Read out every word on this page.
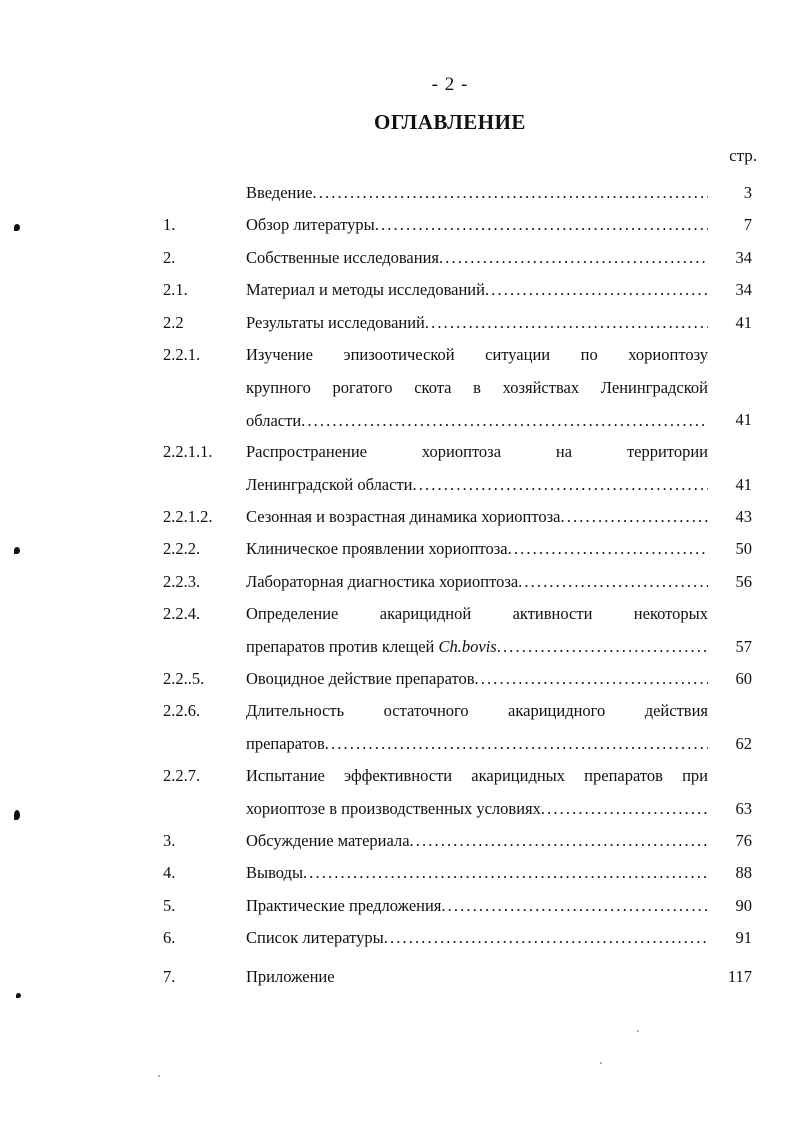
- 2 -
ОГЛАВЛЕНИЕ
стр.
Введение . . .	3
1.	Обзор литературы . . .	7
2.	Собственные исследования . . .	34
2.1.	Материал и методы исследований . . .	34
2.2	Результаты исследований . . .	41
2.2.1.	Изучение эпизоотической ситуации по хориоптозу
крупного рогатого скота в хозяйствах Ленинградской
области . . .	41
2.2.1.1. Распространение хориоптоза на территории
Ленинградской области . . .	41
2.2.1.2. Сезонная и возрастная динамика хориоптоза . . .	43
2.2.2.	Клиническое проявлении хориоптоза . . .	50
2.2.3.	Лабораторная диагностика хориоптоза . . .	56
2.2.4.	Определение акарицидной активности некоторых
препаратов против клещей Ch.bovis . . .	57
2.2..5.	Овоцидное действие препаратов . . .	60
2.2.6.	Длительность остаточного акарицидного действия
препаратов . . .	62
2.2.7.	Испытание эффективности акарицидных препаратов при
хориоптозе в производственных условиях . . .	63
3.	Обсуждение материала . . .	76
4.	Выводы . . .	88
5.	Практические предложения . . .	90
6.	Список литературы . . .	91
7.	Приложение	117
